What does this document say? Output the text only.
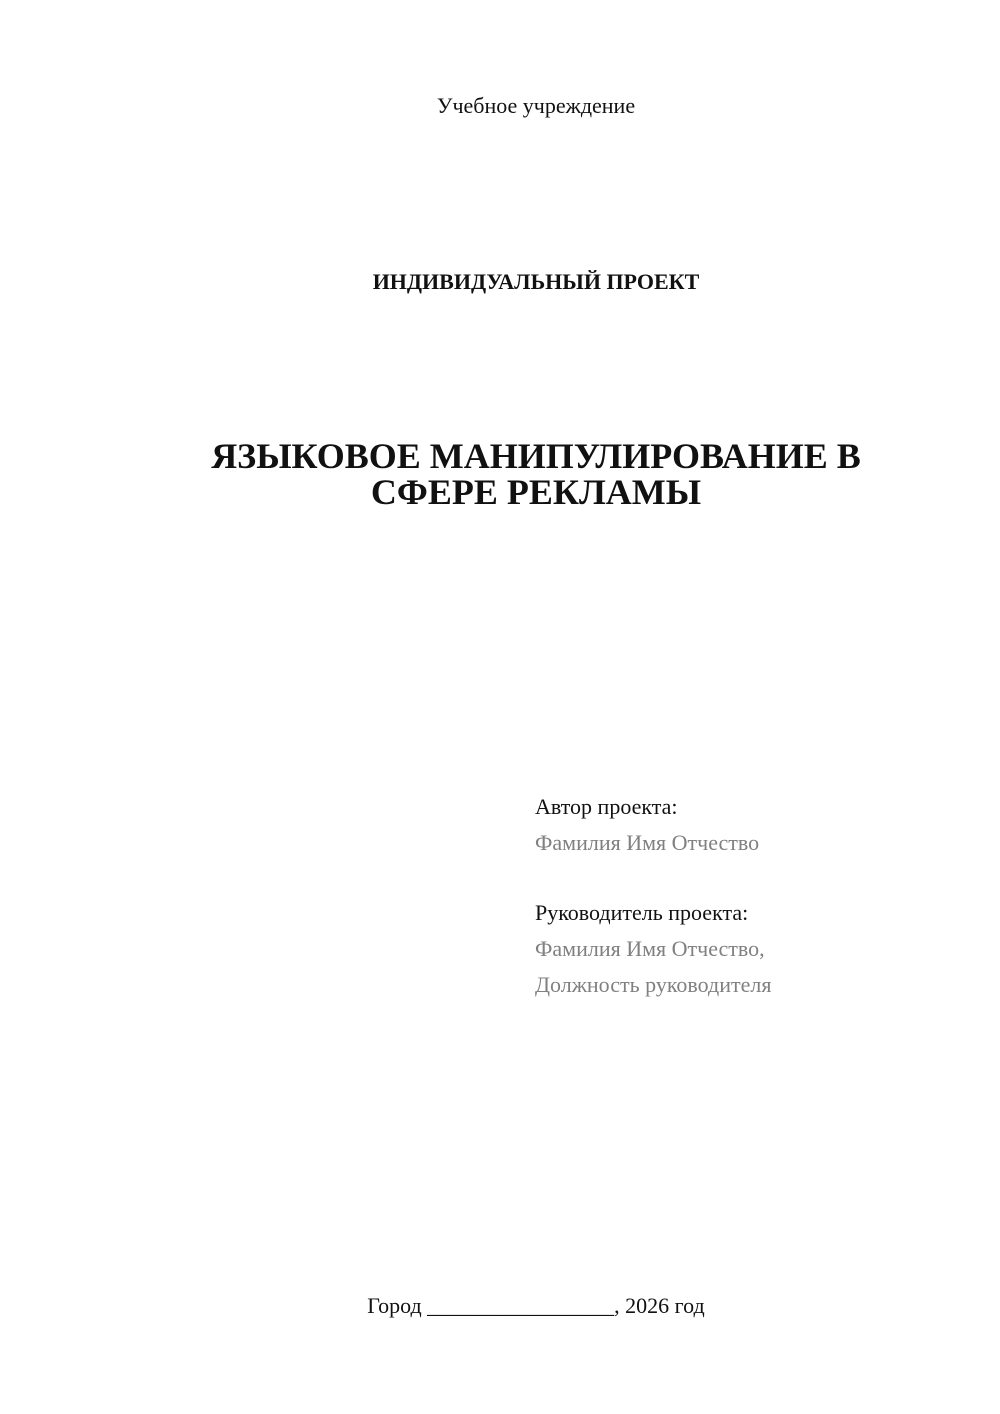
Учебное учреждение
ИНДИВИДУАЛЬНЫЙ ПРОЕКТ
ЯЗЫКОВОЕ МАНИПУЛИРОВАНИЕ В
СФЕРЕ РЕКЛАМЫ
Автор проекта:
Фамилия Имя Отчество
Руководитель проекта:
Фамилия Имя Отчество,
Должность руководителя
Город _________________, 2026 год
